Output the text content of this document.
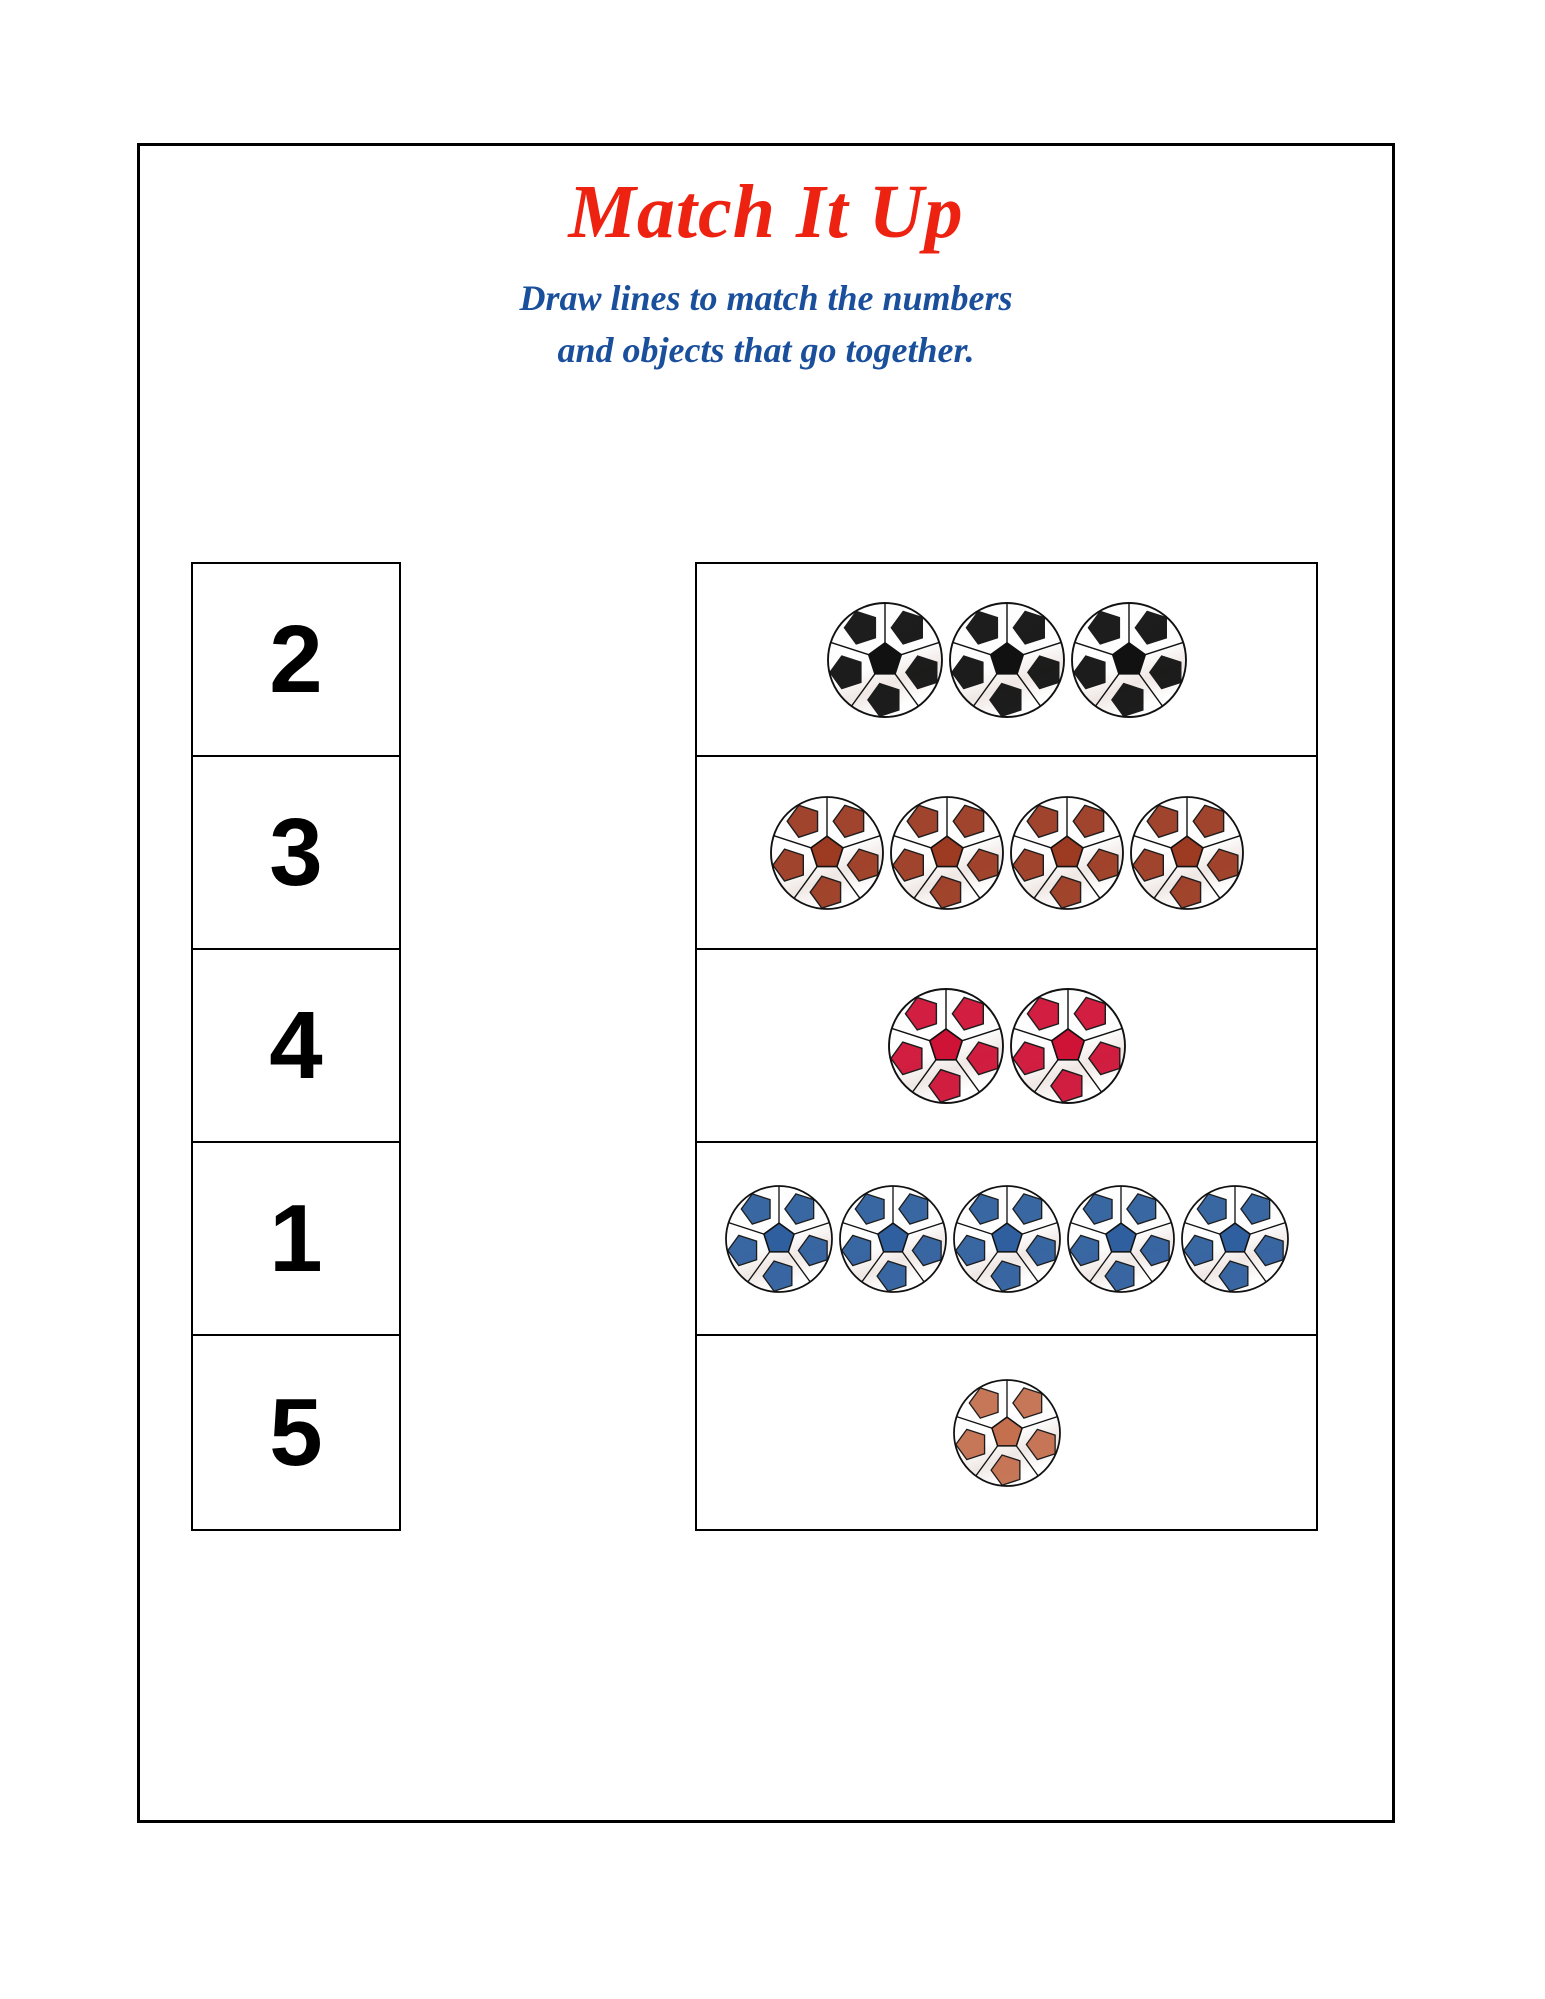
Match It Up
Draw lines to match the numbers
and objects that go together.
2
3
4
1
5
